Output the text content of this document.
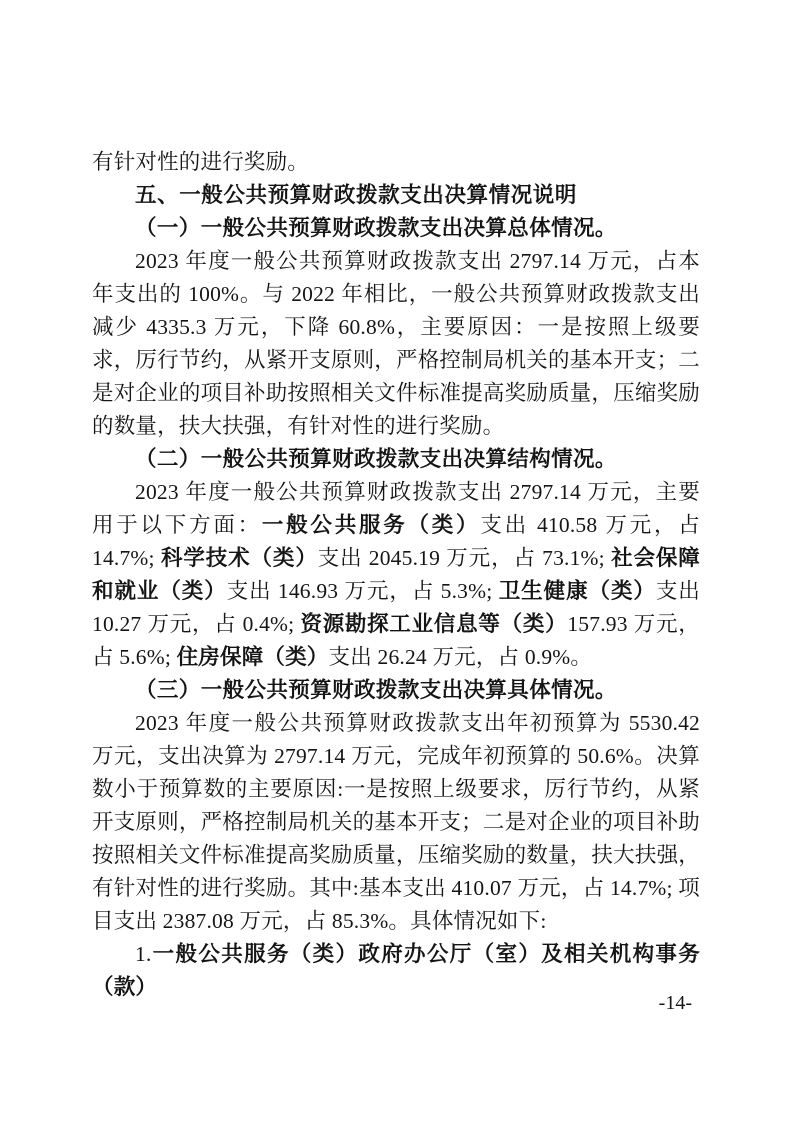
有针对性的进行奖励。

五、一般公共预算财政拨款支出决算情况说明

（一）一般公共预算财政拨款支出决算总体情况。

2023 年度一般公共预算财政拨款支出 2797.14 万元，占本年支出的 100%。与 2022 年相比，一般公共预算财政拨款支出减少 4335.3 万元，下降 60.8%，主要原因：一是按照上级要求，厉行节约，从紧开支原则，严格控制局机关的基本开支；二是对企业的项目补助按照相关文件标准提高奖励质量，压缩奖励的数量，扶大扶强，有针对性的进行奖励。

（二）一般公共预算财政拨款支出决算结构情况。

2023 年度一般公共预算财政拨款支出 2797.14 万元，主要用于以下方面：一般公共服务（类）支出 410.58 万元，占 14.7%; 科学技术（类）支出 2045.19 万元，占 73.1%; 社会保障和就业（类）支出 146.93 万元，占 5.3%; 卫生健康（类）支出 10.27 万元，占 0.4%; 资源勘探工业信息等（类）157.93 万元，占 5.6%; 住房保障（类）支出 26.24 万元，占 0.9%。

（三）一般公共预算财政拨款支出决算具体情况。

2023 年度一般公共预算财政拨款支出年初预算为 5530.42 万元，支出决算为 2797.14 万元，完成年初预算的 50.6%。决算数小于预算数的主要原因:一是按照上级要求，厉行节约，从紧开支原则，严格控制局机关的基本开支；二是对企业的项目补助按照相关文件标准提高奖励质量，压缩奖励的数量，扶大扶强，有针对性的进行奖励。其中:基本支出 410.07 万元，占 14.7%; 项目支出 2387.08 万元，占 85.3%。具体情况如下:

1.一般公共服务（类）政府办公厅（室）及相关机构事务（款）

-14-
